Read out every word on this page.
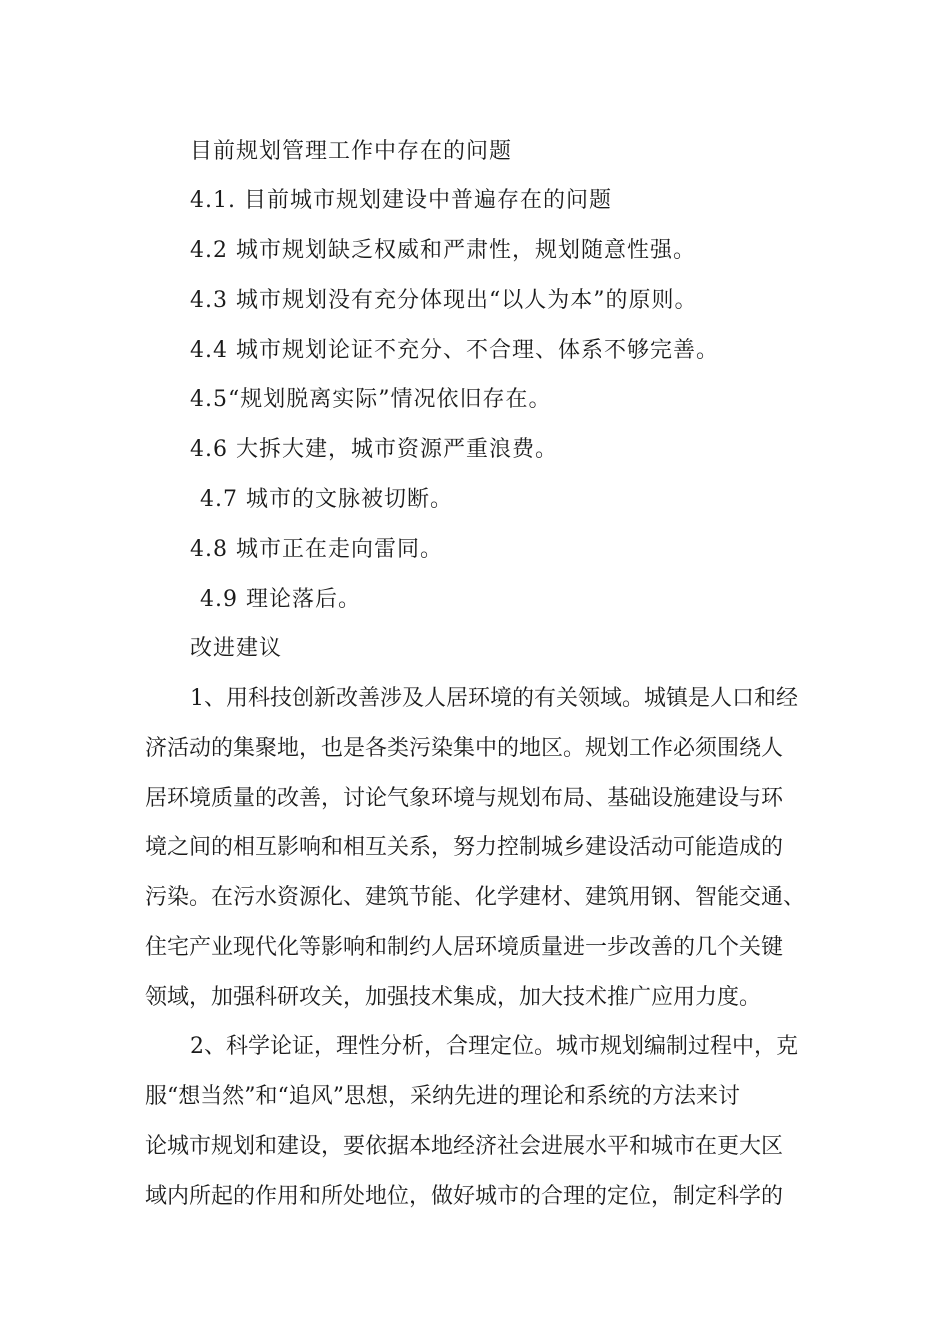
目前规划管理工作中存在的问题
4.1. 目前城市规划建设中普遍存在的问题
4.2 城市规划缺乏权威和严肃性，规划随意性强。
4.3 城市规划没有充分体现出“以人为本”的原则。
4.4 城市规划论证不充分、不合理、体系不够完善。
4.5“规划脱离实际”情况依旧存在。
4.6 大拆大建，城市资源严重浪费。
4.7 城市的文脉被切断。
4.8 城市正在走向雷同。
4.9 理论落后。
改进建议
1、用科技创新改善涉及人居环境的有关领域。城镇是人口和经
济活动的集聚地，也是各类污染集中的地区。规划工作必须围绕人
居环境质量的改善，讨论气象环境与规划布局、基础设施建设与环
境之间的相互影响和相互关系，努力控制城乡建设活动可能造成的
污染。在污水资源化、建筑节能、化学建材、建筑用钢、智能交通、
住宅产业现代化等影响和制约人居环境质量进一步改善的几个关键
领域，加强科研攻关，加强技术集成，加大技术推广应用力度。
2、科学论证，理性分析，合理定位。城市规划编制过程中，克
服“想当然”和“追风”思想，采纳先进的理论和系统的方法来讨
论城市规划和建设，要依据本地经济社会进展水平和城市在更大区
域内所起的作用和所处地位，做好城市的合理的定位，制定科学的
